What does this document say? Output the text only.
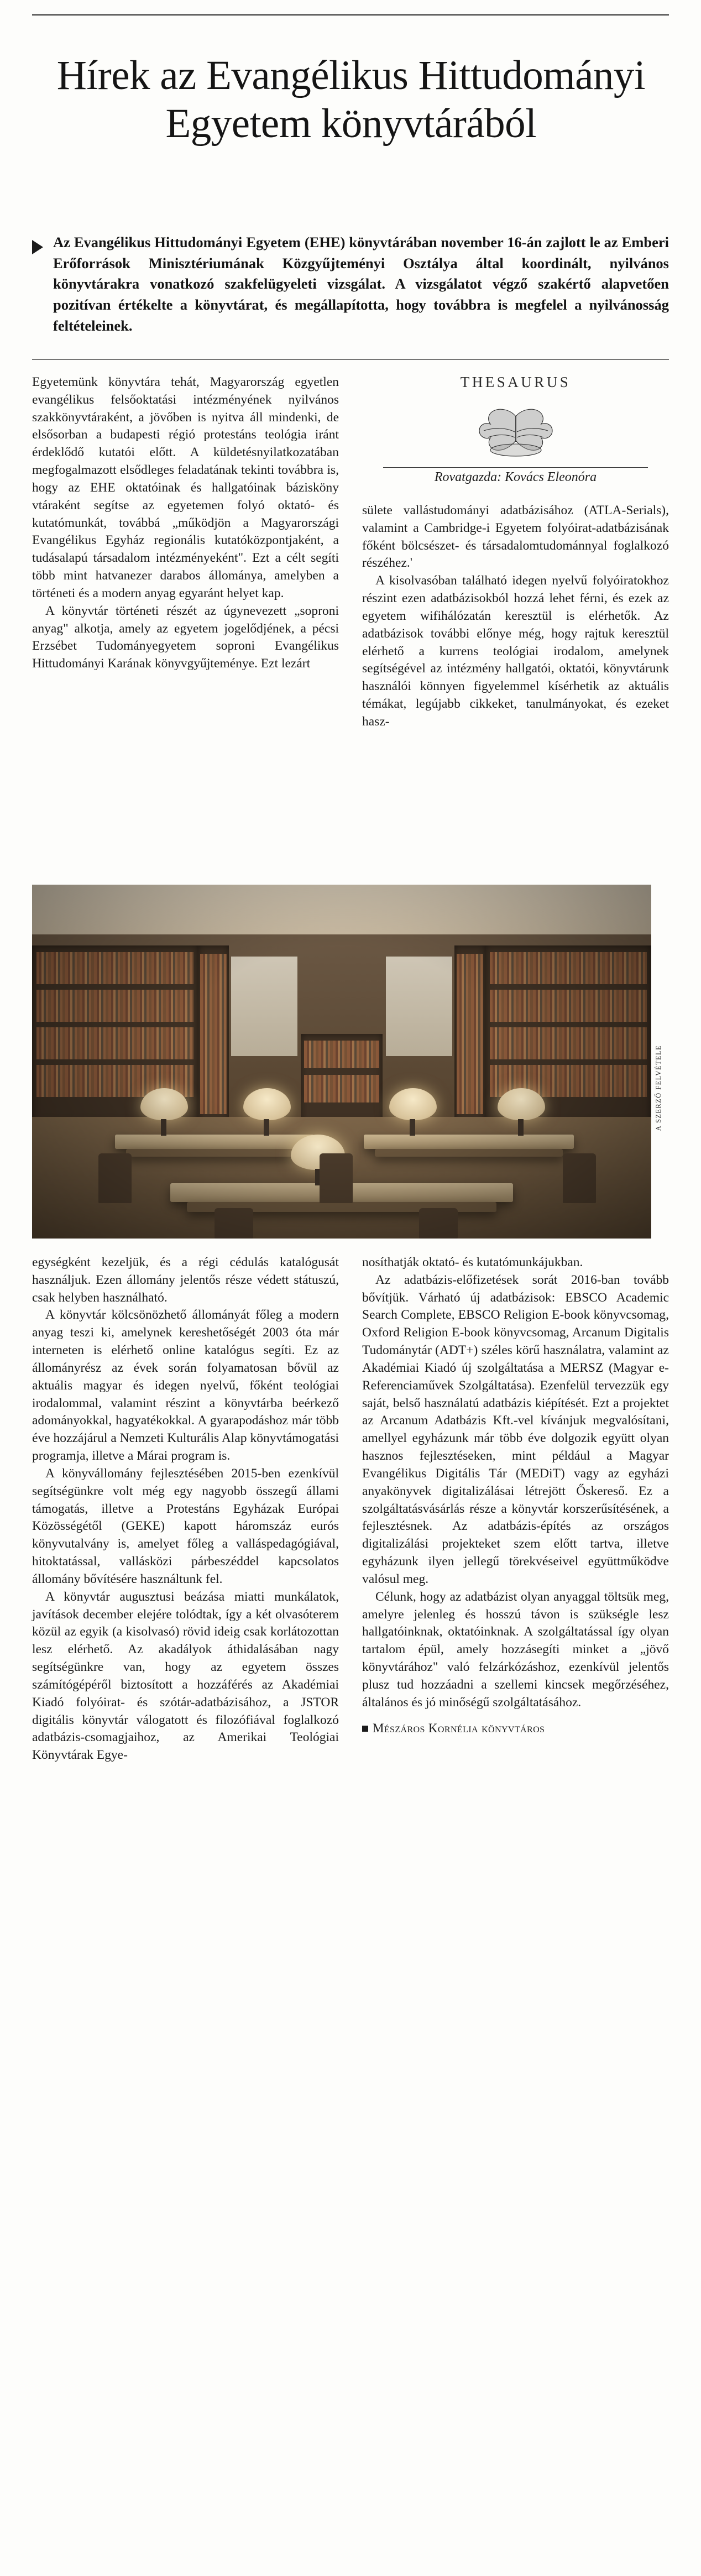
Hírek az Evangélikus Hittudományi Egyetem könyvtárából
Az Evangélikus Hittudományi Egyetem (EHE) könyvtárában november 16-án zajlott le az Emberi Erőforrások Minisztériumának Közgyűjteményi Osztálya által koordinált, nyilvános könyvtárakra vonatkozó szakfelügyeleti vizsgálat. A vizsgálatot végző szakértő alapvetően pozitívan értékelte a könyvtárat, és megállapította, hogy továbbra is megfelel a nyilvánosság feltételeinek.

Egyetemünk könyvtára tehát, Magyarország egyetlen evangélikus felsőoktatási intézményének nyilvános szakkönyvtáraként, a jövőben is nyitva áll mindenki, de elsősorban a budapesti régió protestáns teológia iránt érdeklődő kutatói előtt. A küldetésnyilatkozatában megfogalmazott elsődleges feladatának tekinti továbbra is, hogy az EHE oktatóinak és hallgatóinak bázisköny vtáraként segítse az egyetemen folyó oktató- és kutatómunkát, továbbá „működjön a Magyarországi Evangélikus Egyház regionális kutatóközpontjaként, a tudásalapú társadalom intézményeként". Ezt a célt segíti több mint hatvanezer darabos állománya, amelyben a történeti és a modern anyag egyaránt helyet kap.

A könyvtár történeti részét az úgynevezett „soproni anyag" alkotja, amely az egyetem jogelődjének, a pécsi Erzsébet Tudományegyetem soproni Evangélikus Hittudományi Karának könyvgyűjteménye. Ezt lezárt

THESAURUS
Rovatgazda: Kovács Eleonóra

sülete vallástudományi adatbázisához (ATLA-Serials), valamint a Cambridge-i Egyetem folyóirat-adatbázisának főként bölcsészet- és társadalomtudománnyal foglalkozó részéhez.'

A kisolvasóban található idegen nyelvű folyóiratokhoz részint ezen adatbázisokból hozzá lehet férni, és ezek az egyetem wifihálózatán keresztül is elérhetők. Az adatbázisok további előnye még, hogy rajtuk keresztül elérhető a kurrens teológiai irodalom, amelynek segítségével az intézmény hallgatói, oktatói, könyvtárunk használói könnyen figyelemmel kísérhetik az aktuális témákat, legújabb cikkeket, tanulmányokat, és ezeket hasz-

A SZERZŐ FELVÉTELE

egységként kezeljük, és a régi cédulás katalógusát használjuk. Ezen állomány jelentős része védett státuszú, csak helyben használható.

A könyvtár kölcsönözhető állományát főleg a modern anyag teszi ki, amelynek kereshetőségét 2003 óta már interneten is elérhető online katalógus segíti. Ez az állományrész az évek során folyamatosan bővül az aktuális magyar és idegen nyelvű, főként teológiai irodalommal, valamint részint a könyvtárba beérkező adományokkal, hagyatékokkal. A gyarapodáshoz már több éve hozzájárul a Nemzeti Kulturális Alap könyvtámogatási programja, illetve a Márai program is.

A könyvállomány fejlesztésében 2015-ben ezenkívül segítségünkre volt még egy nagyobb összegű állami támogatás, illetve a Protestáns Egyházak Európai Közösségétől (GEKE) kapott háromszáz eurós könyvutalvány is, amelyet főleg a valláspedagógiával, hitoktatással, vallásközi párbeszéddel kapcsolatos állomány bővítésére használtunk fel.

A könyvtár augusztusi beázása miatti munkálatok, javítások december elejére tolódtak, így a két olvasóterem közül az egyik (a kisolvasó) rövid ideig csak korlátozottan lesz elérhető. Az akadályok áthidalásában nagy segítségünkre van, hogy az egyetem összes számítógépéről biztosított a hozzáférés az Akadémiai Kiadó folyóirat- és szótár-adatbázisához, a JSTOR digitális könyvtár válogatott és filozófiával foglalkozó adatbázis-csomagjaihoz, az Amerikai Teológiai Könyvtárak Egye-

nosíthatják oktató- és kutatómunkájukban.

Az adatbázis-előfizetések sorát 2016-ban tovább bővítjük. Várható új adatbázisok: EBSCO Academic Search Complete, EBSCO Religion E-book könyvcsomag, Oxford Religion E-book könyvcsomag, Arcanum Digitalis Tudománytár (ADT+) széles körű használatra, valamint az Akadémiai Kiadó új szolgáltatása a MERSZ (Magyar e-Referenciaművek Szolgáltatása). Ezenfelül tervezzük egy saját, belső használatú adatbázis kiépítését. Ezt a projektet az Arcanum Adatbázis Kft.-vel kívánjuk megvalósítani, amellyel egyházunk már több éve dolgozik együtt olyan hasznos fejlesztéseken, mint például a Magyar Evangélikus Digitális Tár (MEDiT) vagy az egyházi anyakönyvek digitalizálásai létrejött Őskereső. Ez a szolgáltatásvásárlás része a könyvtár korszerűsítésének, a fejlesztésnek. Az adatbázis-építés az országos digitalizálási projekteket szem előtt tartva, illetve egyházunk ilyen jellegű törekvéseivel együttműködve valósul meg.

Célunk, hogy az adatbázist olyan anyaggal töltsük meg, amelyre jelenleg és hosszú távon is szükségle lesz hallgatóinknak, oktatóinknak. A szolgáltatással így olyan tartalom épül, amely hozzásegíti minket a „jövő könyvtárához" való felzárkózáshoz, ezenkívül jelentős plusz tud hozzáadni a szellemi kincsek megőrzéséhez, általános és jó minőségű szolgáltatásához.

Mészáros Kornélia könyvtáros
